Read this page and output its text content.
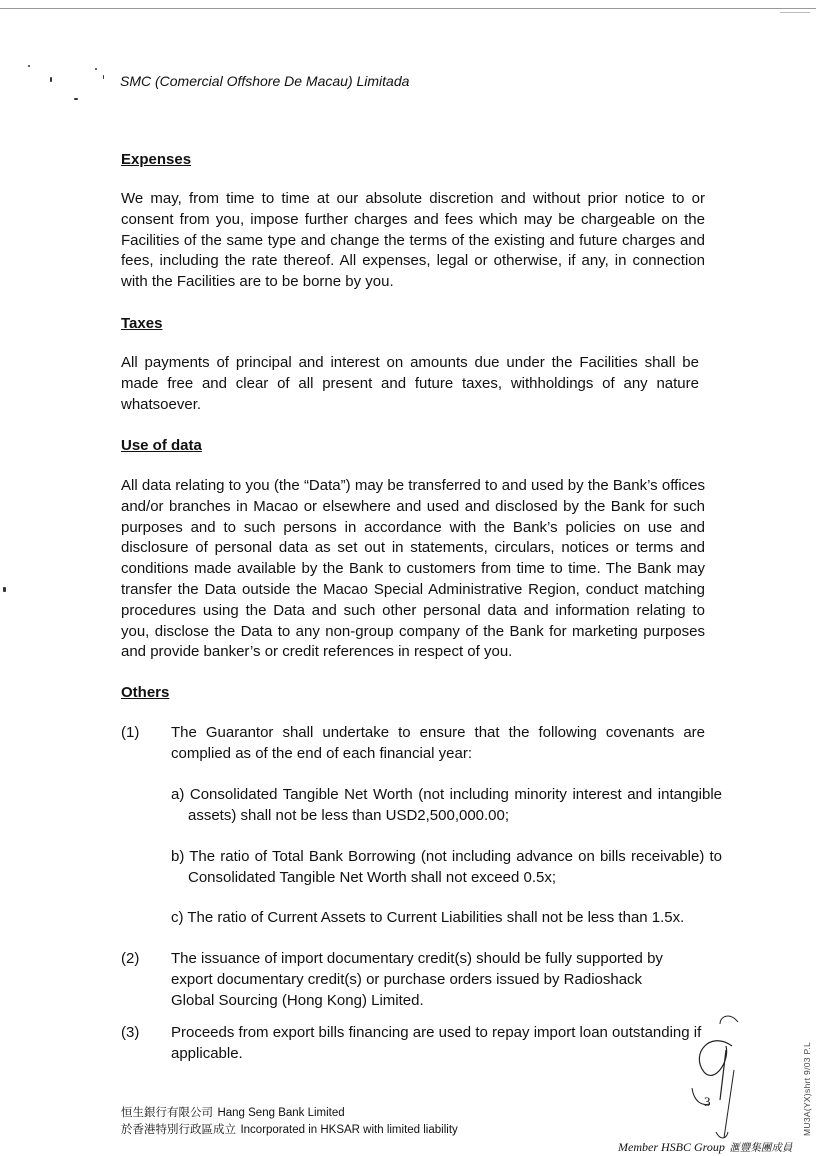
SMC (Comercial Offshore De Macau) Limitada
Expenses

We may, from time to time at our absolute discretion and without prior notice to or consent from you, impose further charges and fees which may be chargeable on the Facilities of the same type and change the terms of the existing and future charges and fees, including the rate thereof. All expenses, legal or otherwise, if any, in connection with the Facilities are to be borne by you.

Taxes

All payments of principal and interest on amounts due under the Facilities shall be made free and clear of all present and future taxes, withholdings of any nature whatsoever.

Use of data

All data relating to you (the “Data”) may be transferred to and used by the Bank’s offices and/or branches in Macao or elsewhere and used and disclosed by the Bank for such purposes and to such persons in accordance with the Bank’s policies on use and disclosure of personal data as set out in statements, circulars, notices or terms and conditions made available by the Bank to customers from time to time. The Bank may transfer the Data outside the Macao Special Administrative Region, conduct matching procedures using the Data and such other personal data and information relating to you, disclose the Data to any non-group company of the Bank for marketing purposes and provide banker’s or credit references in respect of you.

Others
(1) The Guarantor shall undertake to ensure that the following covenants are complied as of the end of each financial year:

a) Consolidated Tangible Net Worth (not including minority interest and intangible assets) shall not be less than USD2,500,000.00;

b) The ratio of Total Bank Borrowing (not including advance on bills receivable) to Consolidated Tangible Net Worth shall not exceed 0.5x;

c) The ratio of Current Assets to Current Liabilities shall not be less than 1.5x.

(2) The issuance of import documentary credit(s) should be fully supported by export documentary credit(s) or purchase orders issued by Radioshack Global Sourcing (Hong Kong) Limited.

(3) Proceeds from export bills financing are used to repay import loan outstanding if applicable.

3
恒生銀行有限公司 Hang Seng Bank Limited
於香港特別行政區成立 Incorporated in HKSAR with limited liability
Member HSBC Group 滙豐集團成員
MU3A(YX)shrt 9/03 P.L
